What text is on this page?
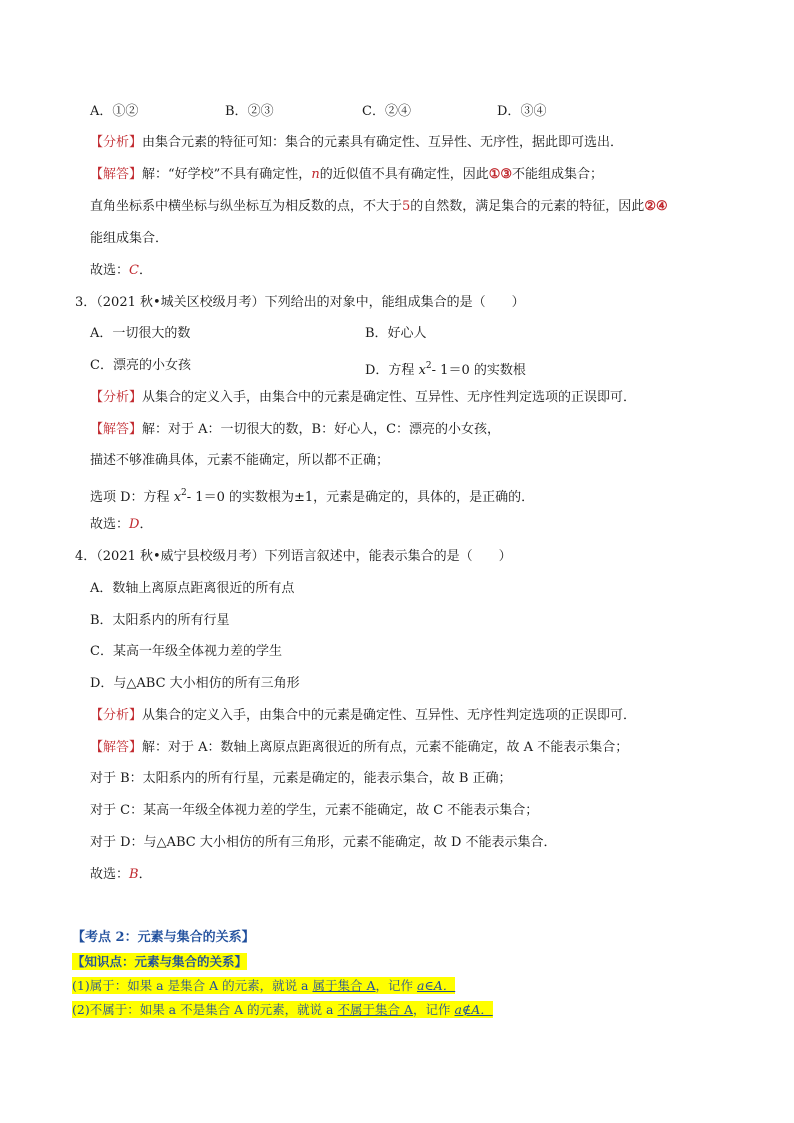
A．①②	B．②③	C．②④	D．③④
【分析】由集合元素的特征可知：集合的元素具有确定性、互异性、无序性，据此即可选出．
【解答】解：“好学校”不具有确定性，n的近似值不具有确定性，因此①③不能组成集合；
直角坐标系中横坐标与纵坐标互为相反数的点，不大于5的自然数，满足集合的元素的特征，因此②④
能组成集合．
故选：C．
3．（2021 秋•城关区校级月考）下列给出的对象中，能组成集合的是（　　）
A．一切很大的数	B．好心人
C．漂亮的小女孩	D．方程 $x^2-$ 1＝0 的实数根
【分析】从集合的定义入手，由集合中的元素是确定性、互异性、无序性判定选项的正误即可．
【解答】解：对于 A：一切很大的数，B：好心人，C：漂亮的小女孩，
描述不够准确具体，元素不能确定，所以都不正确；
选项 D：方程 $x^2-$ 1＝0 的实数根为±1，元素是确定的，具体的，是正确的．
故选：D．
4．（2021 秋•威宁县校级月考）下列语言叙述中，能表示集合的是（　　）
A．数轴上离原点距离很近的所有点
B．太阳系内的所有行星
C．某高一年级全体视力差的学生
D．与△ABC 大小相仿的所有三角形
【分析】从集合的定义入手，由集合中的元素是确定性、互异性、无序性判定选项的正误即可．
【解答】解：对于 A：数轴上离原点距离很近的所有点，元素不能确定，故 A 不能表示集合；
对于 B：太阳系内的所有行星，元素是确定的，能表示集合，故 B 正确；
对于 C：某高一年级全体视力差的学生，元素不能确定，故 C 不能表示集合；
对于 D：与△ABC 大小相仿的所有三角形，元素不能确定，故 D 不能表示集合．
故选：B．
【考点 2：元素与集合的关系】
【知识点：元素与集合的关系】
(1)属于：如果 a 是集合 A 的元素，就说 a 属于集合 A，记作 a∈A．
(2)不属于：如果 a 不是集合 A 的元素，就说 a 不属于集合 A，记作 a∉A．
